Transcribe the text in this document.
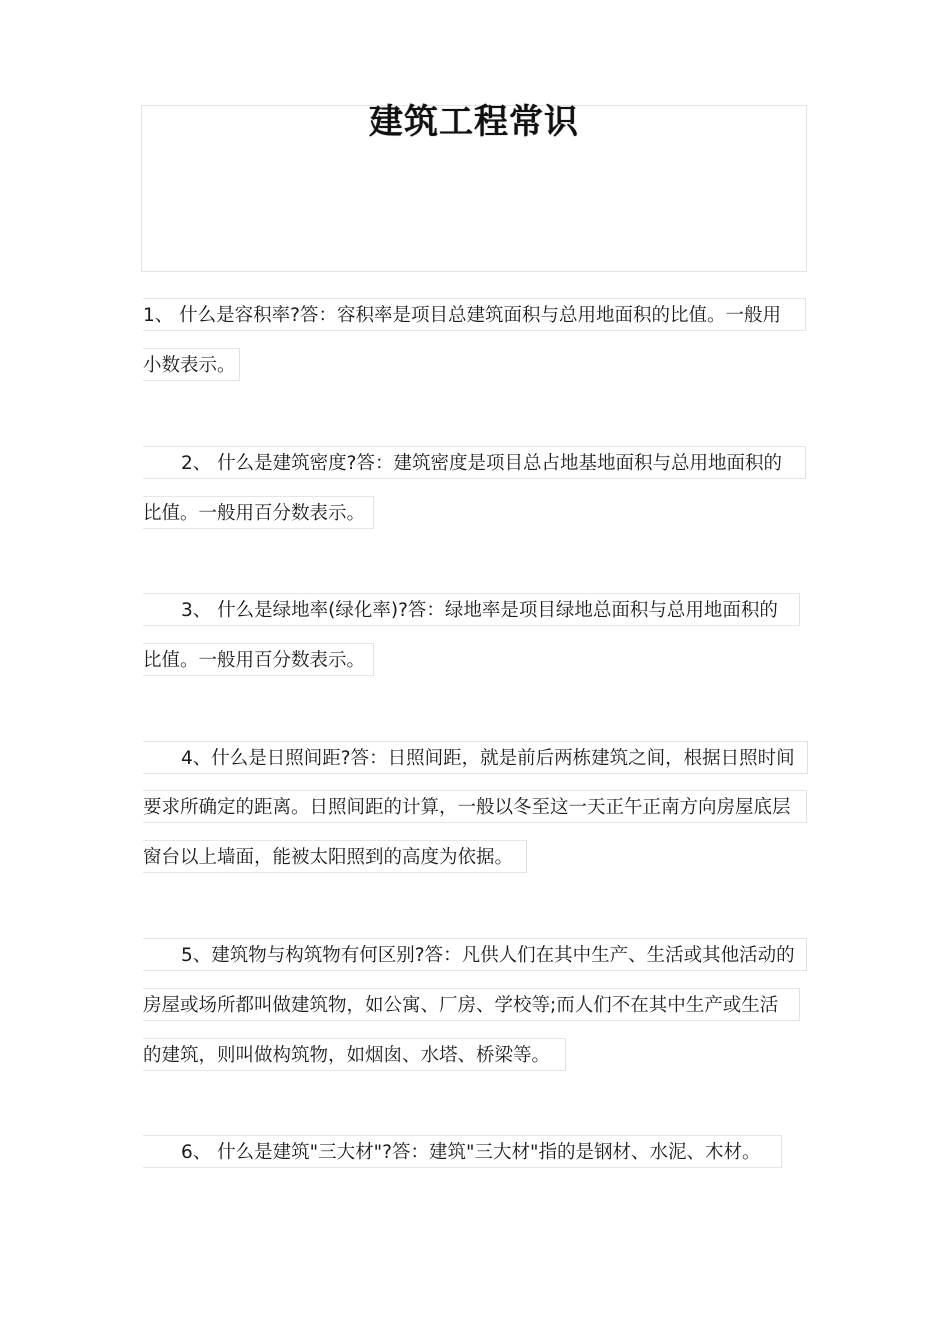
建筑工程常识
1、 什么是容积率?答：容积率是项目总建筑面积与总用地面积的比值。一般用
小数表示。
2、 什么是建筑密度?答：建筑密度是项目总占地基地面积与总用地面积的
比值。一般用百分数表示。
3、 什么是绿地率(绿化率)?答：绿地率是项目绿地总面积与总用地面积的
比值。一般用百分数表示。
4、什么是日照间距?答：日照间距，就是前后两栋建筑之间，根据日照时间
要求所确定的距离。日照间距的计算，一般以冬至这一天正午正南方向房屋底层
窗台以上墙面，能被太阳照到的高度为依据。
5、建筑物与构筑物有何区别?答：凡供人们在其中生产、生活或其他活动的
房屋或场所都叫做建筑物，如公寓、厂房、学校等;而人们不在其中生产或生活
的建筑，则叫做构筑物，如烟囱、水塔、桥梁等。
6、 什么是建筑"三大材"?答：建筑"三大材"指的是钢材、水泥、木材。
